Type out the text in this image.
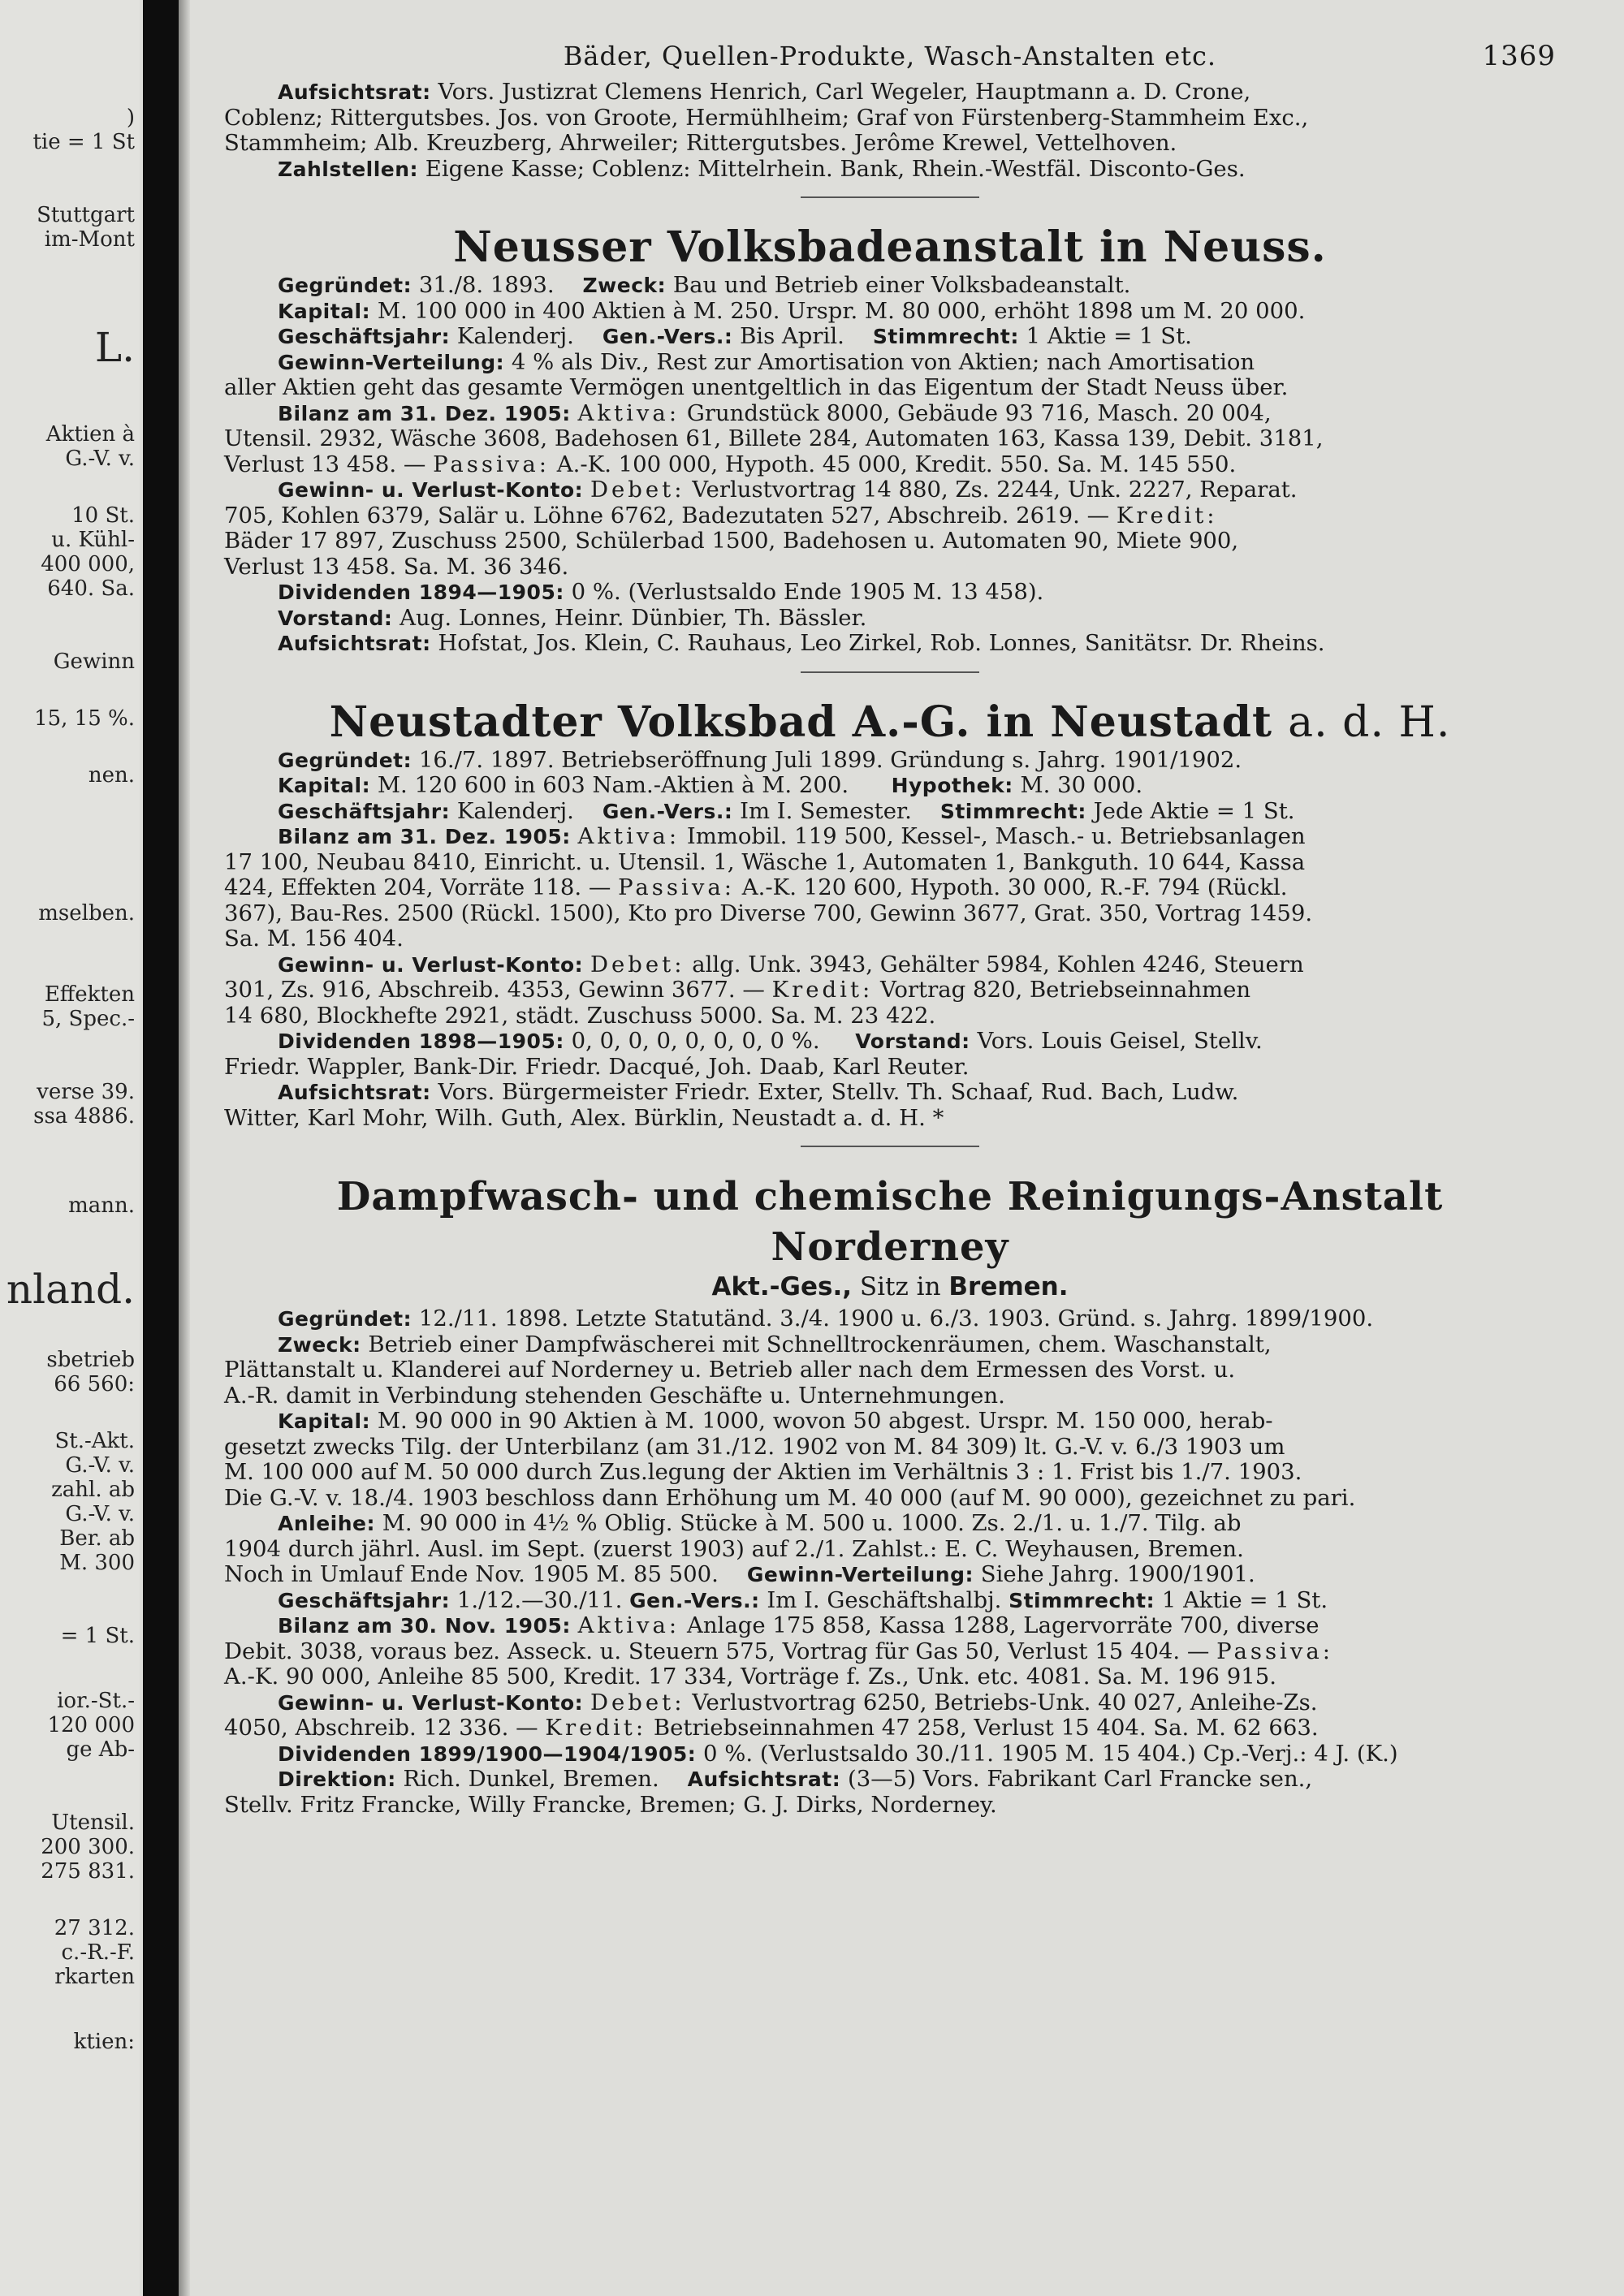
)
tie = 1 St
Stuttgart
im-Mont
L.
Aktien à
G.-V. v.
10 St.
u. Kühl-
400 000,
640. Sa.
Gewinn
15, 15 %.
nen.
mselben.
Effekten
5, Spec.-
verse 39.
ssa 4886.
mann.
nland.
sbetrieb
66 560:
St.-Akt.
G.-V. v.
zahl. ab
G.-V. v.
Ber. ab
M. 300
= 1 St.
ior.-St.-
120 000
ge Ab-
Utensil.
200 300.
275 831.
27 312.
c.-R.-F.
rkarten
ktien:
Bäder, Quellen-Produkte, Wasch-Anstalten etc.	1369

Aufsichtsrat: Vors. Justizrat Clemens Henrich, Carl Wegeler, Hauptmann a. D. Crone,

Coblenz; Rittergutsbes. Jos. von Groote, Hermühlheim; Graf von Fürstenberg-Stammheim Exc.,

Stammheim; Alb. Kreuzberg, Ahrweiler; Rittergutsbes. Jerôme Krewel, Vettelhoven.

Zahlstellen: Eigene Kasse; Coblenz: Mittelrhein. Bank, Rhein.-Westfäl. Disconto-Ges.

Neusser Volksbadeanstalt in Neuss.

Gegründet: 31./8. 1893. Zweck: Bau und Betrieb einer Volksbadeanstalt.

Kapital: M. 100 000 in 400 Aktien à M. 250. Urspr. M. 80 000, erhöht 1898 um M. 20 000.

Geschäftsjahr: Kalenderj. Gen.-Vers.: Bis April. Stimmrecht: 1 Aktie = 1 St.

Gewinn-Verteilung: 4 % als Div., Rest zur Amortisation von Aktien; nach Amortisation

aller Aktien geht das gesamte Vermögen unentgeltlich in das Eigentum der Stadt Neuss über.

Bilanz am 31. Dez. 1905: Aktiva: Grundstück 8000, Gebäude 93 716, Masch. 20 004,

Utensil. 2932, Wäsche 3608, Badehosen 61, Billete 284, Automaten 163, Kassa 139, Debit. 3181,

Verlust 13 458. — Passiva: A.-K. 100 000, Hypoth. 45 000, Kredit. 550. Sa. M. 145 550.

Gewinn- u. Verlust-Konto: Debet: Verlustvortrag 14 880, Zs. 2244, Unk. 2227, Reparat.

705, Kohlen 6379, Salär u. Löhne 6762, Badezutaten 527, Abschreib. 2619. — Kredit:

Bäder 17 897, Zuschuss 2500, Schülerbad 1500, Badehosen u. Automaten 90, Miete 900,

Verlust 13 458. Sa. M. 36 346.

Dividenden 1894—1905: 0 %. (Verlustsaldo Ende 1905 M. 13 458).

Vorstand: Aug. Lonnes, Heinr. Dünbier, Th. Bässler.

Aufsichtsrat: Hofstat, Jos. Klein, C. Rauhaus, Leo Zirkel, Rob. Lonnes, Sanitätsr. Dr. Rheins.

Neustadter Volksbad A.-G. in Neustadt a. d. H.

Gegründet: 16./7. 1897. Betriebseröffnung Juli 1899. Gründung s. Jahrg. 1901/1902.

Kapital: M. 120 600 in 603 Nam.-Aktien à M. 200. Hypothek: M. 30 000.

Geschäftsjahr: Kalenderj. Gen.-Vers.: Im I. Semester. Stimmrecht: Jede Aktie = 1 St.

Bilanz am 31. Dez. 1905: Aktiva: Immobil. 119 500, Kessel-, Masch.- u. Betriebsanlagen

17 100, Neubau 8410, Einricht. u. Utensil. 1, Wäsche 1, Automaten 1, Bankguth. 10 644, Kassa

424, Effekten 204, Vorräte 118. — Passiva: A.-K. 120 600, Hypoth. 30 000, R.-F. 794 (Rückl.

367), Bau-Res. 2500 (Rückl. 1500), Kto pro Diverse 700, Gewinn 3677, Grat. 350, Vortrag 1459.

Sa. M. 156 404.

Gewinn- u. Verlust-Konto: Debet: allg. Unk. 3943, Gehälter 5984, Kohlen 4246, Steuern

301, Zs. 916, Abschreib. 4353, Gewinn 3677. — Kredit: Vortrag 820, Betriebseinnahmen

14 680, Blockhefte 2921, städt. Zuschuss 5000. Sa. M. 23 422.

Dividenden 1898—1905: 0, 0, 0, 0, 0, 0, 0, 0 %. Vorstand: Vors. Louis Geisel, Stellv.

Friedr. Wappler, Bank-Dir. Friedr. Dacqué, Joh. Daab, Karl Reuter.

Aufsichtsrat: Vors. Bürgermeister Friedr. Exter, Stellv. Th. Schaaf, Rud. Bach, Ludw.

Witter, Karl Mohr, Wilh. Guth, Alex. Bürklin, Neustadt a. d. H. *

Dampfwasch- und chemische Reinigungs-Anstalt Norderney
Akt.-Ges., Sitz in Bremen.

Gegründet: 12./11. 1898. Letzte Statutänd. 3./4. 1900 u. 6./3. 1903. Gründ. s. Jahrg. 1899/1900.

Zweck: Betrieb einer Dampfwäscherei mit Schnelltrockenräumen, chem. Waschanstalt,

Plättanstalt u. Klanderei auf Norderney u. Betrieb aller nach dem Ermessen des Vorst. u.

A.-R. damit in Verbindung stehenden Geschäfte u. Unternehmungen.

Kapital: M. 90 000 in 90 Aktien à M. 1000, wovon 50 abgest. Urspr. M. 150 000, herab-

gesetzt zwecks Tilg. der Unterbilanz (am 31./12. 1902 von M. 84 309) lt. G.-V. v. 6./3 1903 um

M. 100 000 auf M. 50 000 durch Zus.legung der Aktien im Verhältnis 3 : 1. Frist bis 1./7. 1903.

Die G.-V. v. 18./4. 1903 beschloss dann Erhöhung um M. 40 000 (auf M. 90 000), gezeichnet zu pari.

Anleihe: M. 90 000 in 4½ % Oblig. Stücke à M. 500 u. 1000. Zs. 2./1. u. 1./7. Tilg. ab

1904 durch jährl. Ausl. im Sept. (zuerst 1903) auf 2./1. Zahlst.: E. C. Weyhausen, Bremen.

Noch in Umlauf Ende Nov. 1905 M. 85 500. Gewinn-Verteilung: Siehe Jahrg. 1900/1901.

Geschäftsjahr: 1./12.—30./11. Gen.-Vers.: Im I. Geschäftshalbj. Stimmrecht: 1 Aktie = 1 St.

Bilanz am 30. Nov. 1905: Aktiva: Anlage 175 858, Kassa 1288, Lagervorräte 700, diverse

Debit. 3038, voraus bez. Asseck. u. Steuern 575, Vortrag für Gas 50, Verlust 15 404. — Passiva:

A.-K. 90 000, Anleihe 85 500, Kredit. 17 334, Vorträge f. Zs., Unk. etc. 4081. Sa. M. 196 915.

Gewinn- u. Verlust-Konto: Debet: Verlustvortrag 6250, Betriebs-Unk. 40 027, Anleihe-Zs.

4050, Abschreib. 12 336. — Kredit: Betriebseinnahmen 47 258, Verlust 15 404. Sa. M. 62 663.

Dividenden 1899/1900—1904/1905: 0 %. (Verlustsaldo 30./11. 1905 M. 15 404.) Cp.-Verj.: 4 J. (K.)

Direktion: Rich. Dunkel, Bremen. Aufsichtsrat: (3—5) Vors. Fabrikant Carl Francke sen.,

Stellv. Fritz Francke, Willy Francke, Bremen; G. J. Dirks, Norderney.
